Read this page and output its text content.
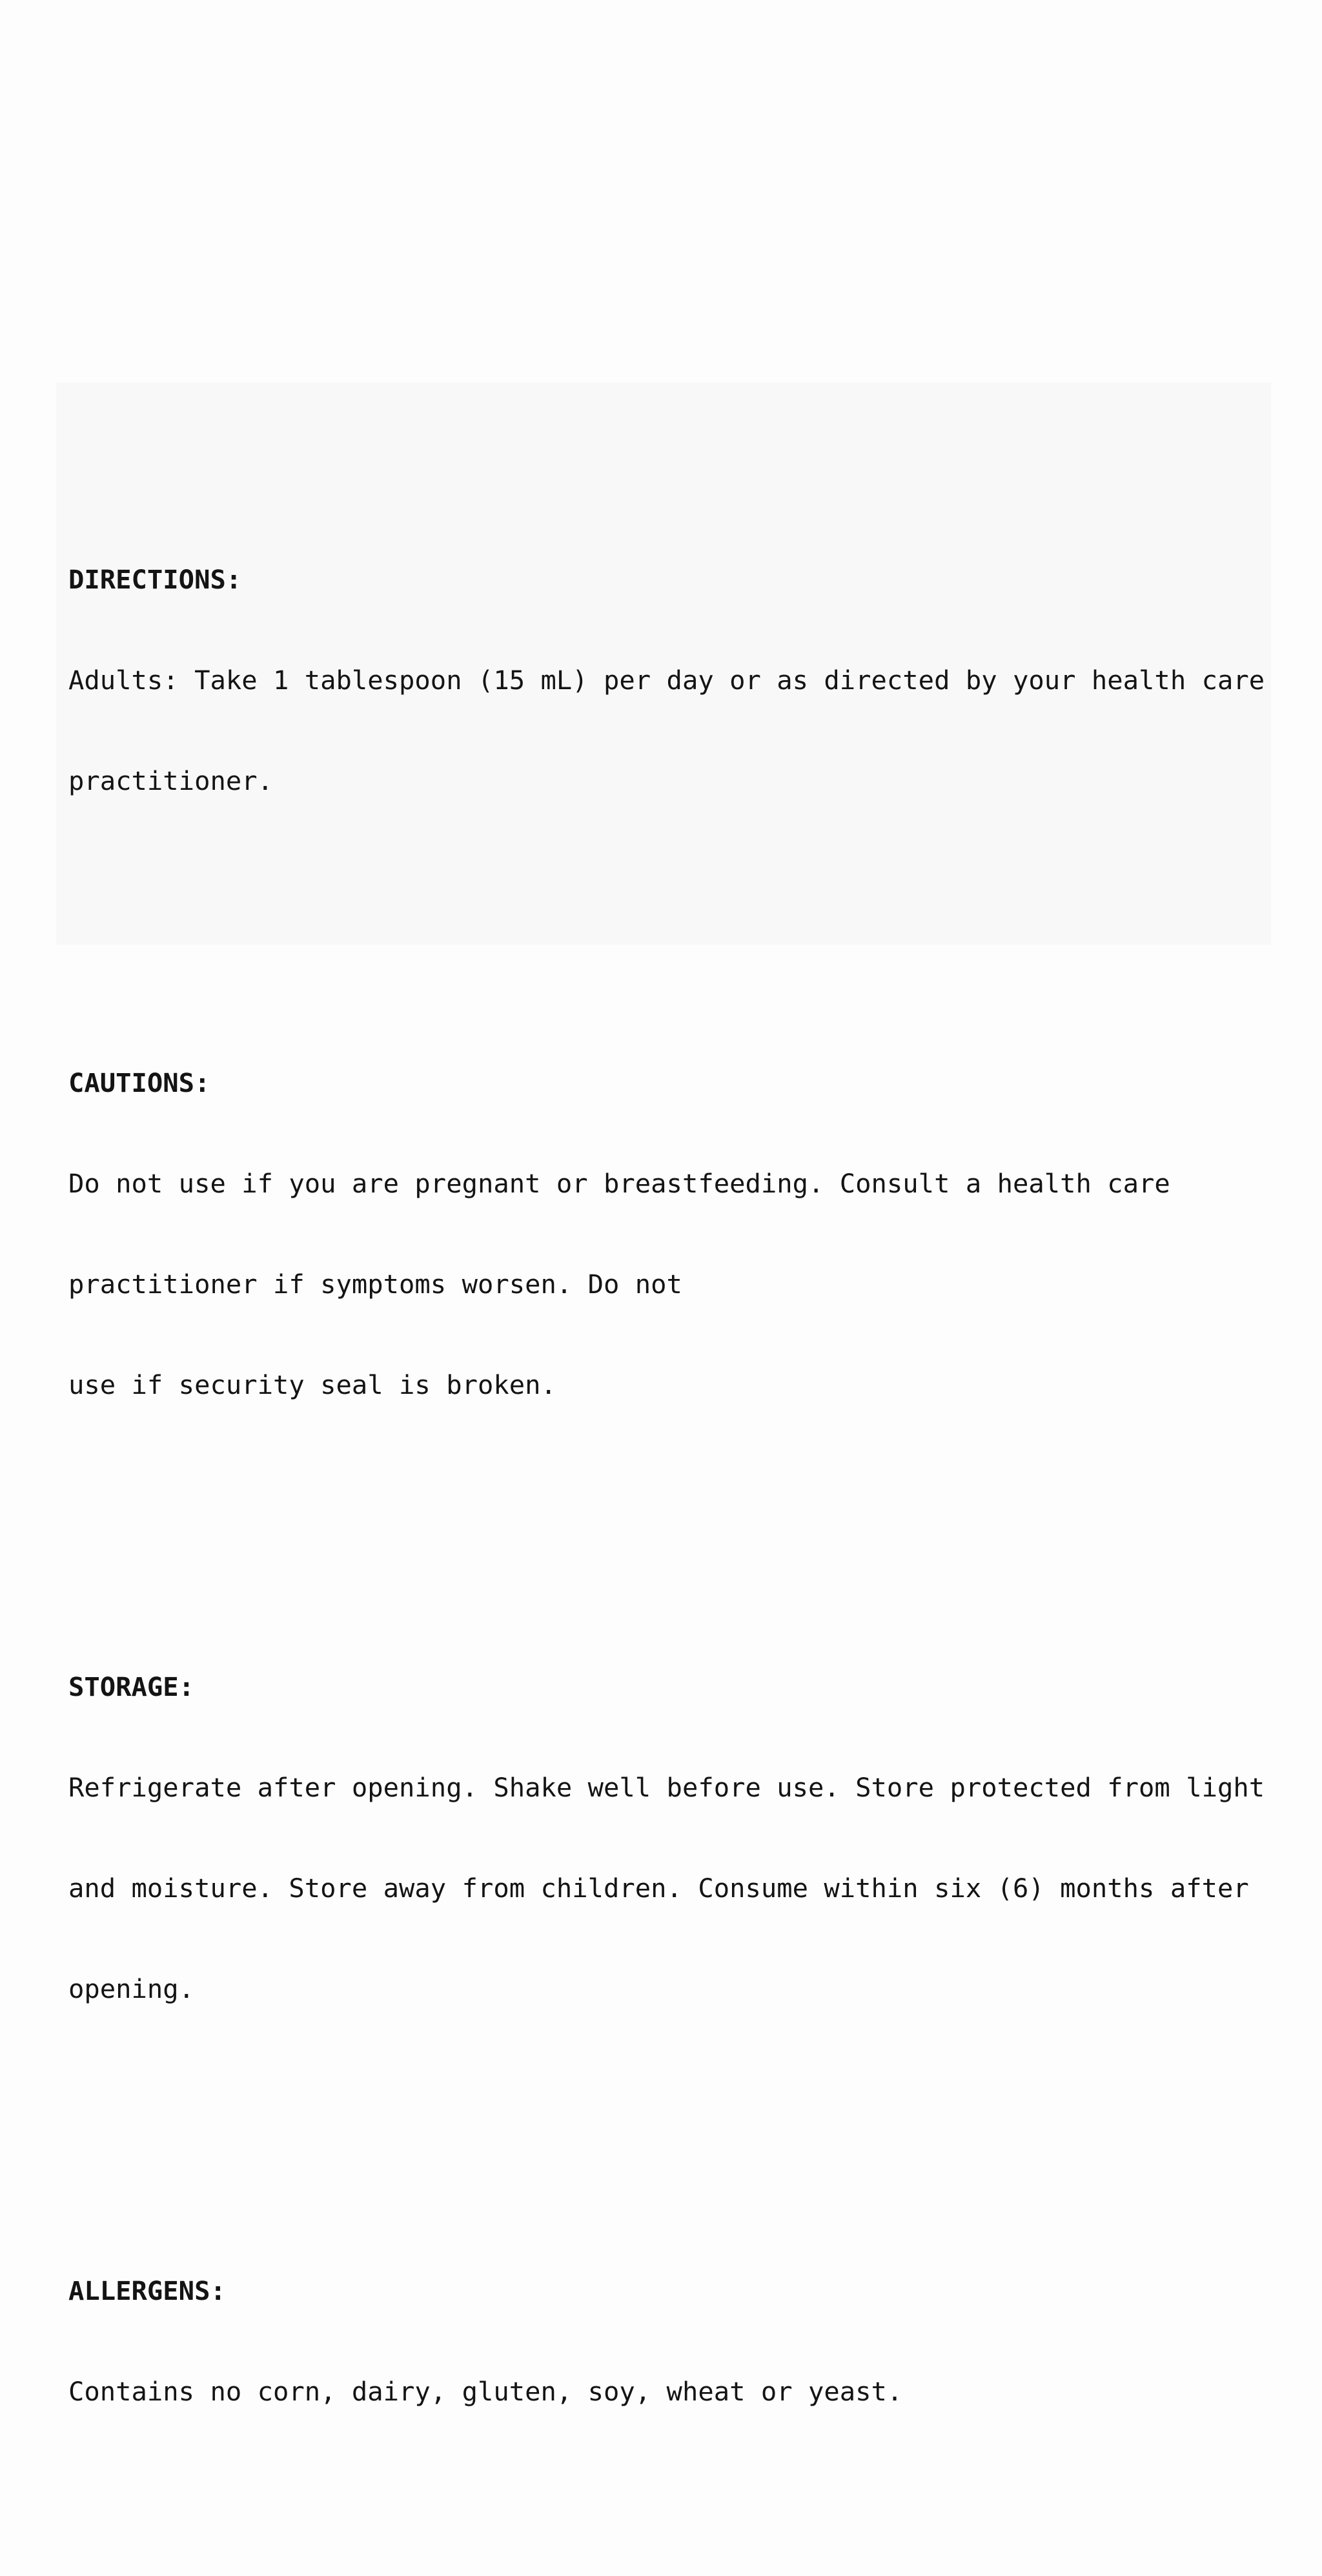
DIRECTIONS:

Adults: Take 1 tablespoon (15 mL) per day or as directed by your health care

practitioner.

CAUTIONS:

Do not use if you are pregnant or breastfeeding. Consult a health care

practitioner if symptoms worsen. Do not

use if security seal is broken.

STORAGE:

Refrigerate after opening. Shake well before use. Store protected from light

and moisture. Store away from children. Consume within six (6) months after

opening.

ALLERGENS:

Contains no corn, dairy, gluten, soy, wheat or yeast.
